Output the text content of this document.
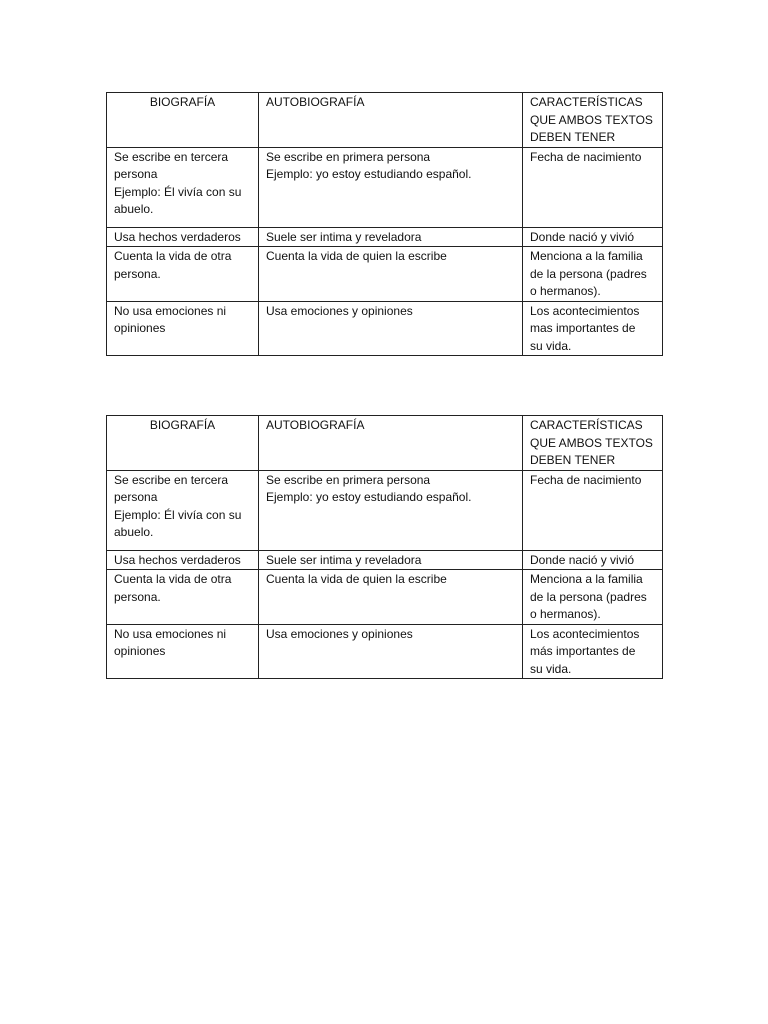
BIOGRAFÍA	AUTOBIOGRAFÍA	CARACTERÍSTICAS
QUE AMBOS TEXTOS
DEBEN TENER

Se escribe en tercera
persona
Ejemplo: Él vivía con su
abuelo.	Se escribe en primera persona
Ejemplo: yo estoy estudiando español.	Fecha de nacimiento

Usa hechos verdaderos	Suele ser intima y reveladora	Donde nació y vivió

Cuenta la vida de otra
persona.	Cuenta la vida de quien la escribe	Menciona a la familia
de la persona (padres
o hermanos).

No usa emociones ni
opiniones	Usa emociones y opiniones	Los acontecimientos
mas importantes de
su vida.
BIOGRAFÍA	AUTOBIOGRAFÍA	CARACTERÍSTICAS
QUE AMBOS TEXTOS
DEBEN TENER

Se escribe en tercera
persona
Ejemplo: Él vivía con su
abuelo.	Se escribe en primera persona
Ejemplo: yo estoy estudiando español.	Fecha de nacimiento

Usa hechos verdaderos	Suele ser intima y reveladora	Donde nació y vivió

Cuenta la vida de otra
persona.	Cuenta la vida de quien la escribe	Menciona a la familia
de la persona (padres
o hermanos).

No usa emociones ni
opiniones	Usa emociones y opiniones	Los acontecimientos
más importantes de
su vida.
